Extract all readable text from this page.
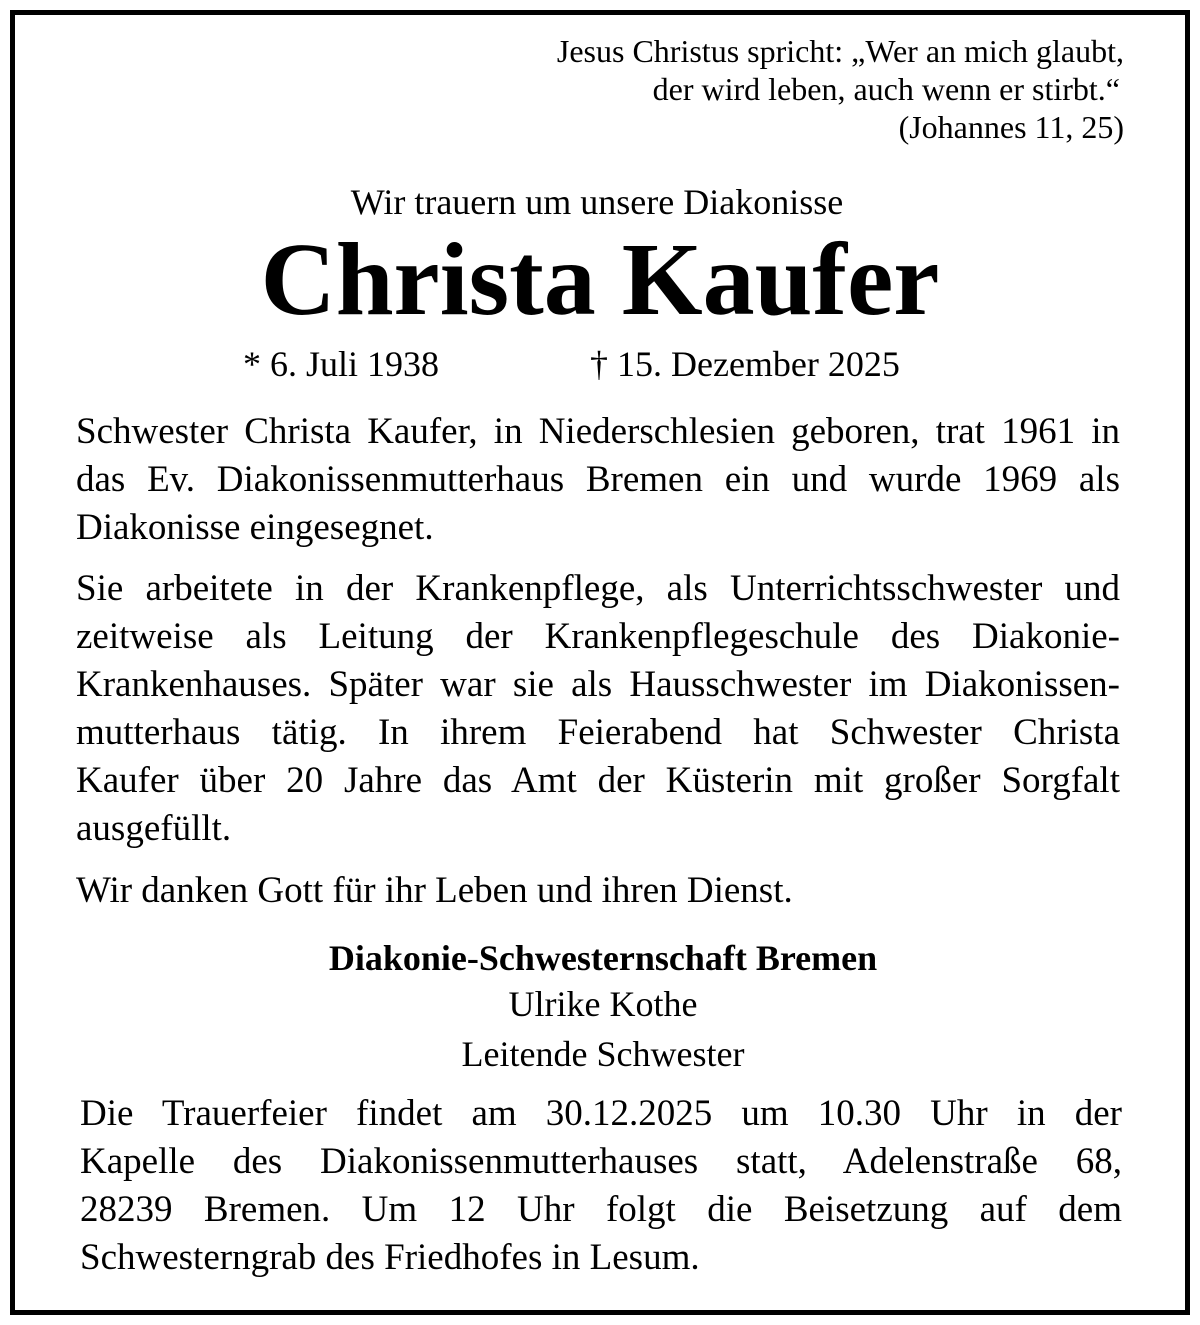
Jesus Christus spricht: „Wer an mich glaubt,
der wird leben, auch wenn er stirbt.“
(Johannes 11, 25)
Wir trauern um unsere Diakonisse
Christa Kaufer
* 6. Juli 1938	† 15. Dezember 2025
Schwester Christa Kaufer, in Niederschlesien geboren, trat 1961 in
das Ev. Diakonissenmutterhaus Bremen ein und wurde 1969 als
Diakonisse eingesegnet.
Sie arbeitete in der Krankenpflege, als Unterrichtsschwester und
zeitweise als Leitung der Krankenpflegeschule des Diakonie-
Krankenhauses. Später war sie als Hausschwester im Diakonissen-
mutterhaus tätig. In ihrem Feierabend hat Schwester Christa
Kaufer über 20 Jahre das Amt der Küsterin mit großer Sorgfalt
ausgefüllt.
Wir danken Gott für ihr Leben und ihren Dienst.
Diakonie-Schwesternschaft Bremen
Ulrike Kothe
Leitende Schwester
Die Trauerfeier findet am 30.12.2025 um 10.30 Uhr in der
Kapelle des Diakonissenmutterhauses statt, Adelenstraße 68,
28239 Bremen. Um 12 Uhr folgt die Beisetzung auf dem
Schwesterngrab des Friedhofes in Lesum.
